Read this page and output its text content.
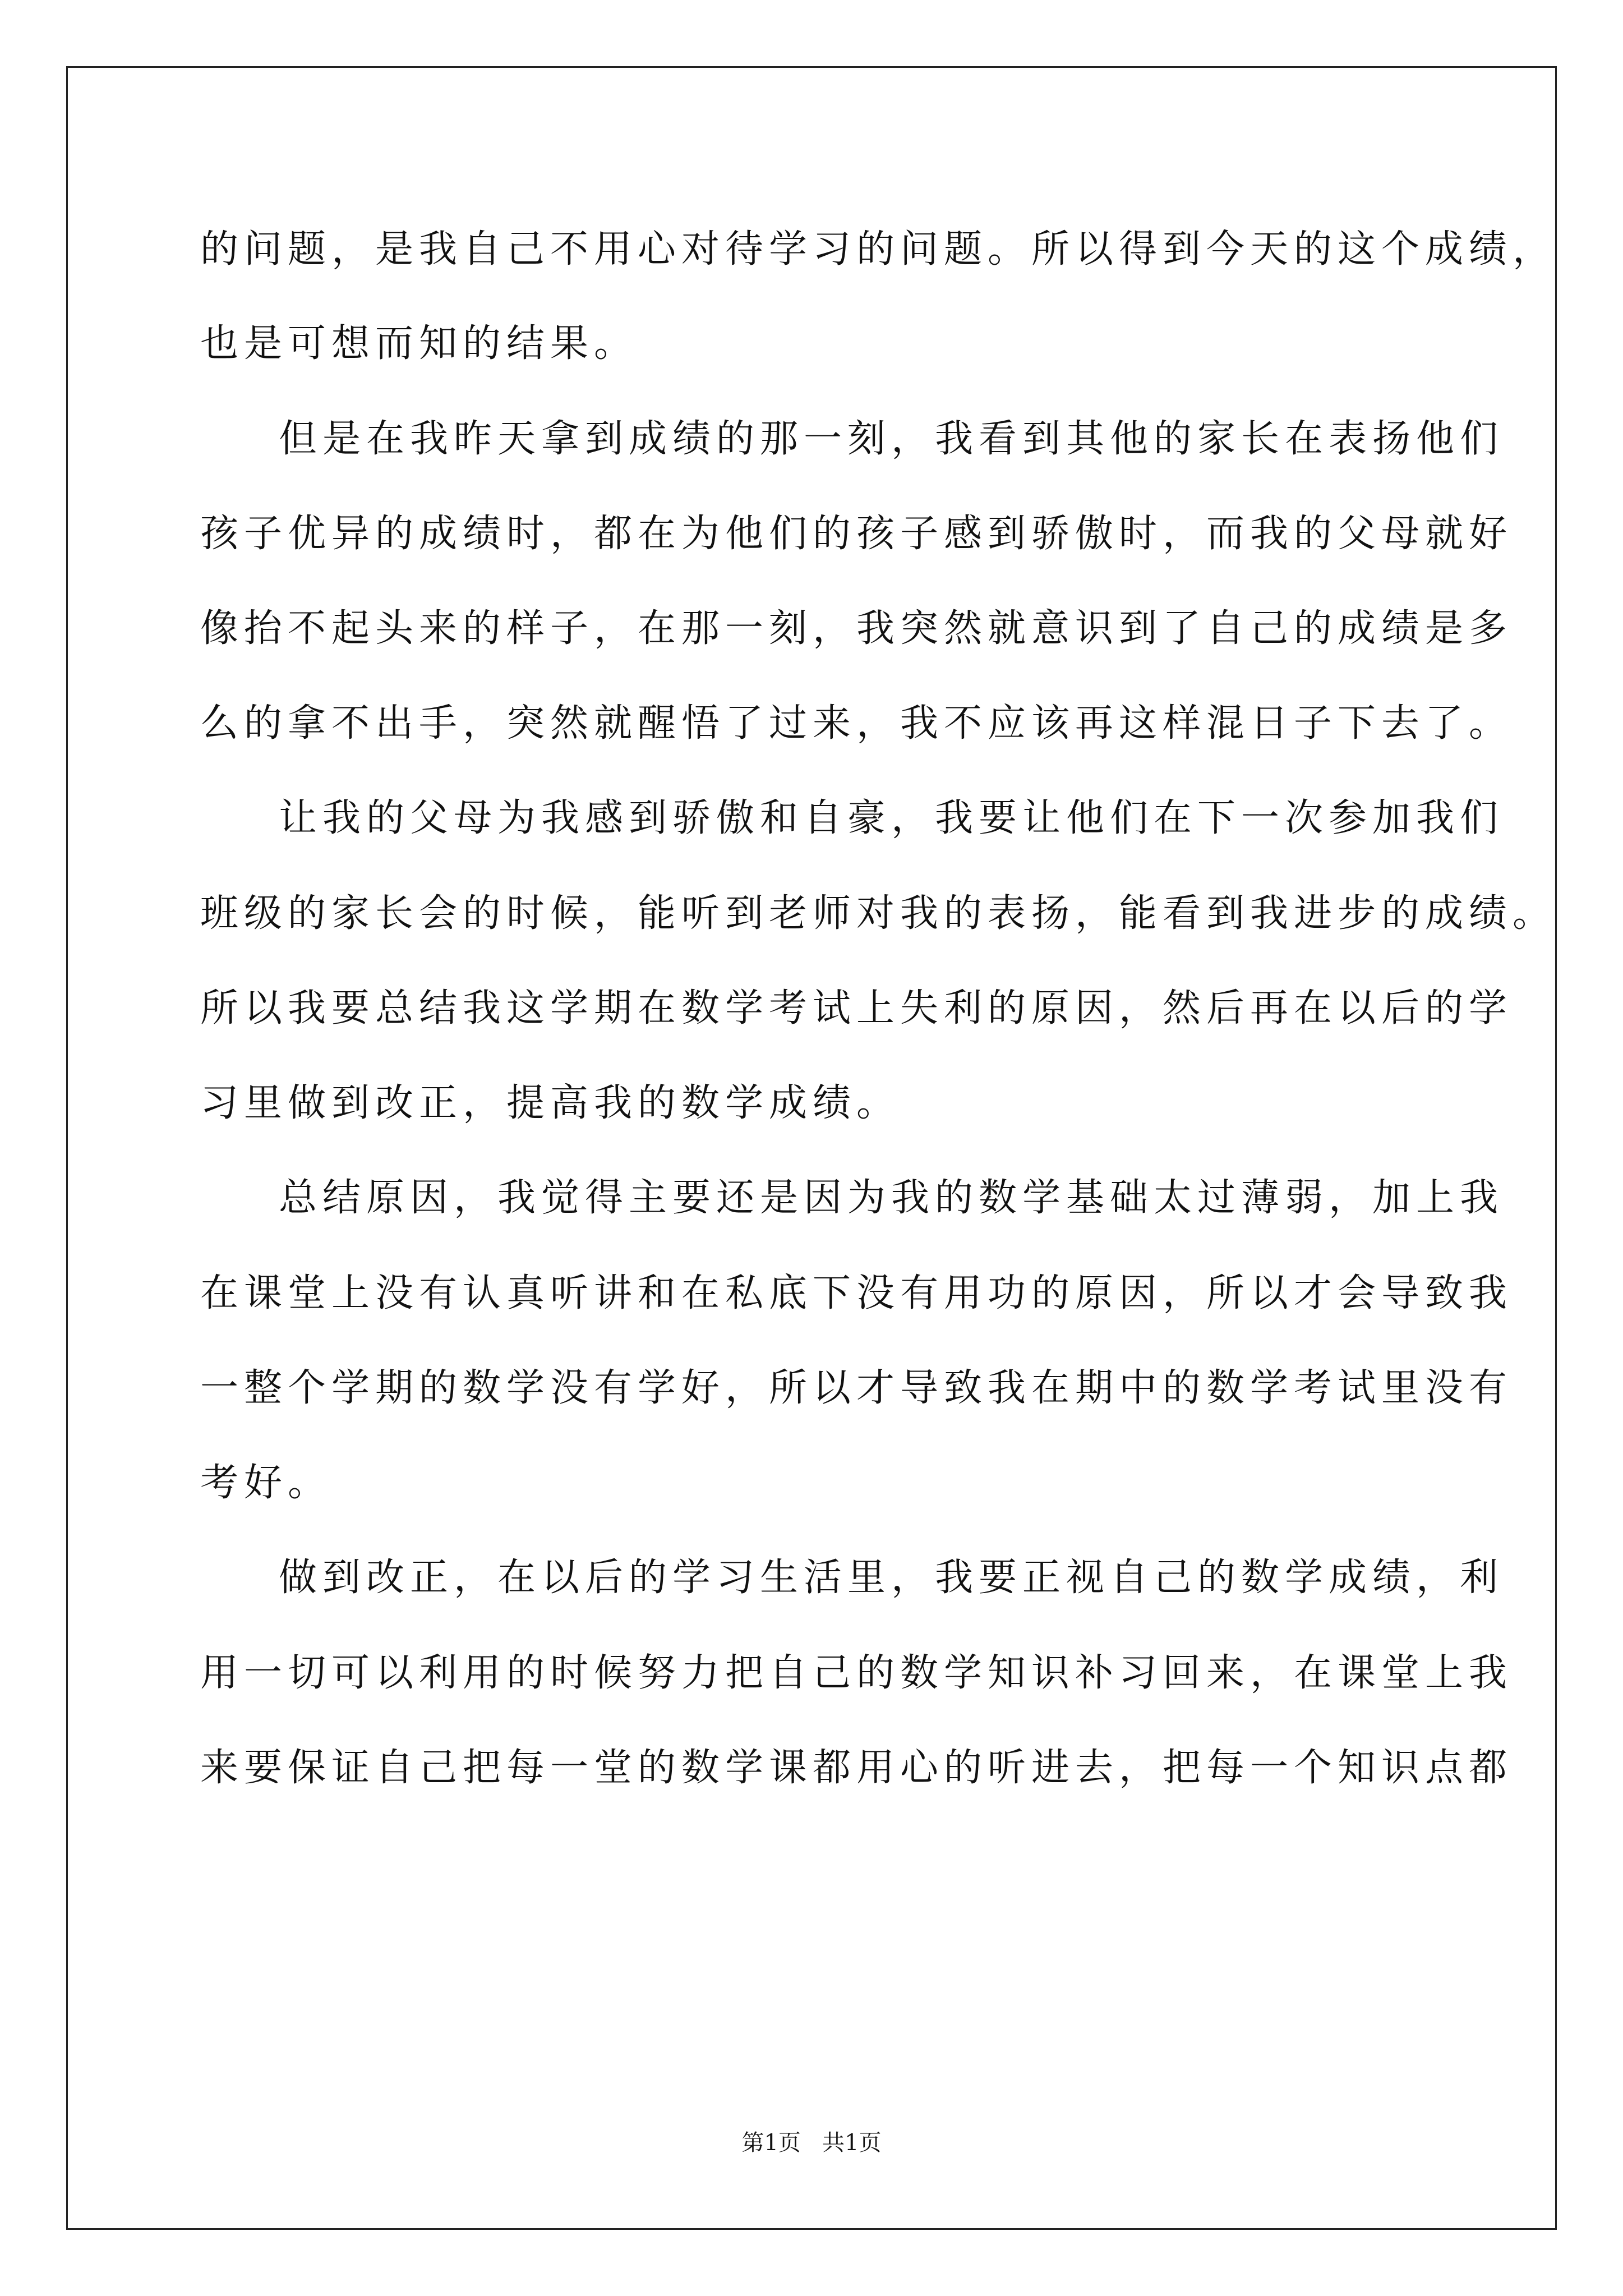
的问题，是我自己不用心对待学习的问题。所以得到今天的这个成绩，
也是可想而知的结果。
但是在我昨天拿到成绩的那一刻，我看到其他的家长在表扬他们
孩子优异的成绩时，都在为他们的孩子感到骄傲时，而我的父母就好
像抬不起头来的样子，在那一刻，我突然就意识到了自己的成绩是多
么的拿不出手，突然就醒悟了过来，我不应该再这样混日子下去了。
让我的父母为我感到骄傲和自豪，我要让他们在下一次参加我们
班级的家长会的时候，能听到老师对我的表扬，能看到我进步的成绩。
所以我要总结我这学期在数学考试上失利的原因，然后再在以后的学
习里做到改正，提高我的数学成绩。
总结原因，我觉得主要还是因为我的数学基础太过薄弱，加上我
在课堂上没有认真听讲和在私底下没有用功的原因，所以才会导致我
一整个学期的数学没有学好，所以才导致我在期中的数学考试里没有
考好。
做到改正，在以后的学习生活里，我要正视自己的数学成绩，利
用一切可以利用的时候努力把自己的数学知识补习回来，在课堂上我
来要保证自己把每一堂的数学课都用心的听进去，把每一个知识点都
第1页   共1页
